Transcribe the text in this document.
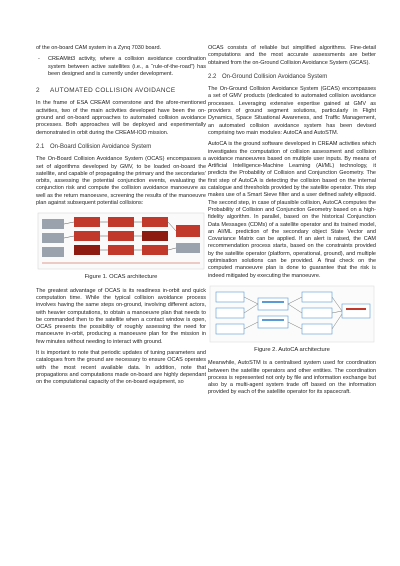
of the on-board CAM system in a Zynq 7030 board.

- CREAMitt3 activity, where a collision avoidance coordination system between active satellites (i.e., a “rule-of-the-road”) has been designed and is currently under development.
2 AUTOMATED COLLISION AVOIDANCE

In the frame of ESA CREAM cornerstone and the afore-mentioned activities, two of the main activities developed have been the on-ground and on-board approaches to automated collision avoidance processes. Both approaches will be deployed and experimentally demonstrated in orbit during the CREAM-IOD mission.

2.1 On-Board Collision Avoidance System

The On-Board Collision Avoidance System (OCAS) encompasses a set of algorithms developed by GMV, to be loaded on-board the satellite, and capable of propagating the primary and the secondaries’ orbits, assessing the potential conjunction events, evaluating the conjunction risk and compute the collision avoidance manoeuvre as well as the return manoeuvre, screening the results of the manoeuvre plan against subsequent potential collisions:

Figure 1. OCAS architecture

The greatest advantage of OCAS is its readiness in-orbit and quick computation time. While the typical collision avoidance process involves having the same steps on-ground, involving different actors, with heavier computations, to obtain a manoeuvre plan that needs to be commanded then to the satellite when a contact window is open, OCAS presents the possibility of roughly assessing the need for manoeuvre in-orbit, producing a manoeuvre plan for the mission in few minutes without needing to interact with ground.

It is important to note that periodic updates of tuning parameters and catalogues from the ground are necessary to ensure OCAS operates with the most recent available data. In addition, note that propagations and computations made on-board are highly dependant on the computational capacity of the on-board equipment, so

OCAS consists of reliable but simplified algorithms. Fine-detail computations and the most accurate assessments are better obtained from the on-Ground Collision Avoidance System (GCAS).

2.2 On-Ground Collision Avoidance System

The On-Ground Collision Avoidance System (GCAS) encompasses a set of GMV products (dedicated to automated collision avoidance processes. Leveraging extensive expertise gained at GMV as providers of ground segment solutions, particularly in Flight Dynamics, Space Situational Awareness, and Traffic Management, an automated collision avoidance system has been devised comprising two main modules: AutoCA and AutoSTM.

AutoCA is the ground software developed in CREAM activities which investigates the computation of collision assessment and collision avoidance manoeuvres based on multiple user inputs. By means of Artificial Intelligence-Machine Learning (AI/ML) technology, it predicts the Probability of Collision and Conjunction Geometry. The first step of AutoCA is detecting the collision based on the internal catalogue and thresholds provided by the satellite operator. This step makes use of a Smart Sieve filter and a user defined safety ellipsoid. The second step, in case of plausible collision, AutoCA computes the Probability of Collision and Conjunction Geometry based on a high-fidelity algorithm. In parallel, based on the historical Conjunction Data Messages (CDMs) of a satellite operator and its trained model, an AI/ML prediction of the secondary object State Vector and Covariance Matrix can be applied. If an alert is raised, the CAM recommendation process starts, based on the constraints provided by the satellite operator (platform, operational, ground), and multiple optimisation solutions can be provided. A final check on the computed manoeuvre plan is done to guarantee that the risk is indeed mitigated by executing the manoeuvre.

Figure 2. AutoCA architecture

Meanwhile, AutoSTM is a centralised system used for coordination between the satellite operators and other entities. The coordination process is represented not only by file and information exchange but also by a multi-agent system trade off based on the information provided by each of the satellite operator for its spacecraft.
